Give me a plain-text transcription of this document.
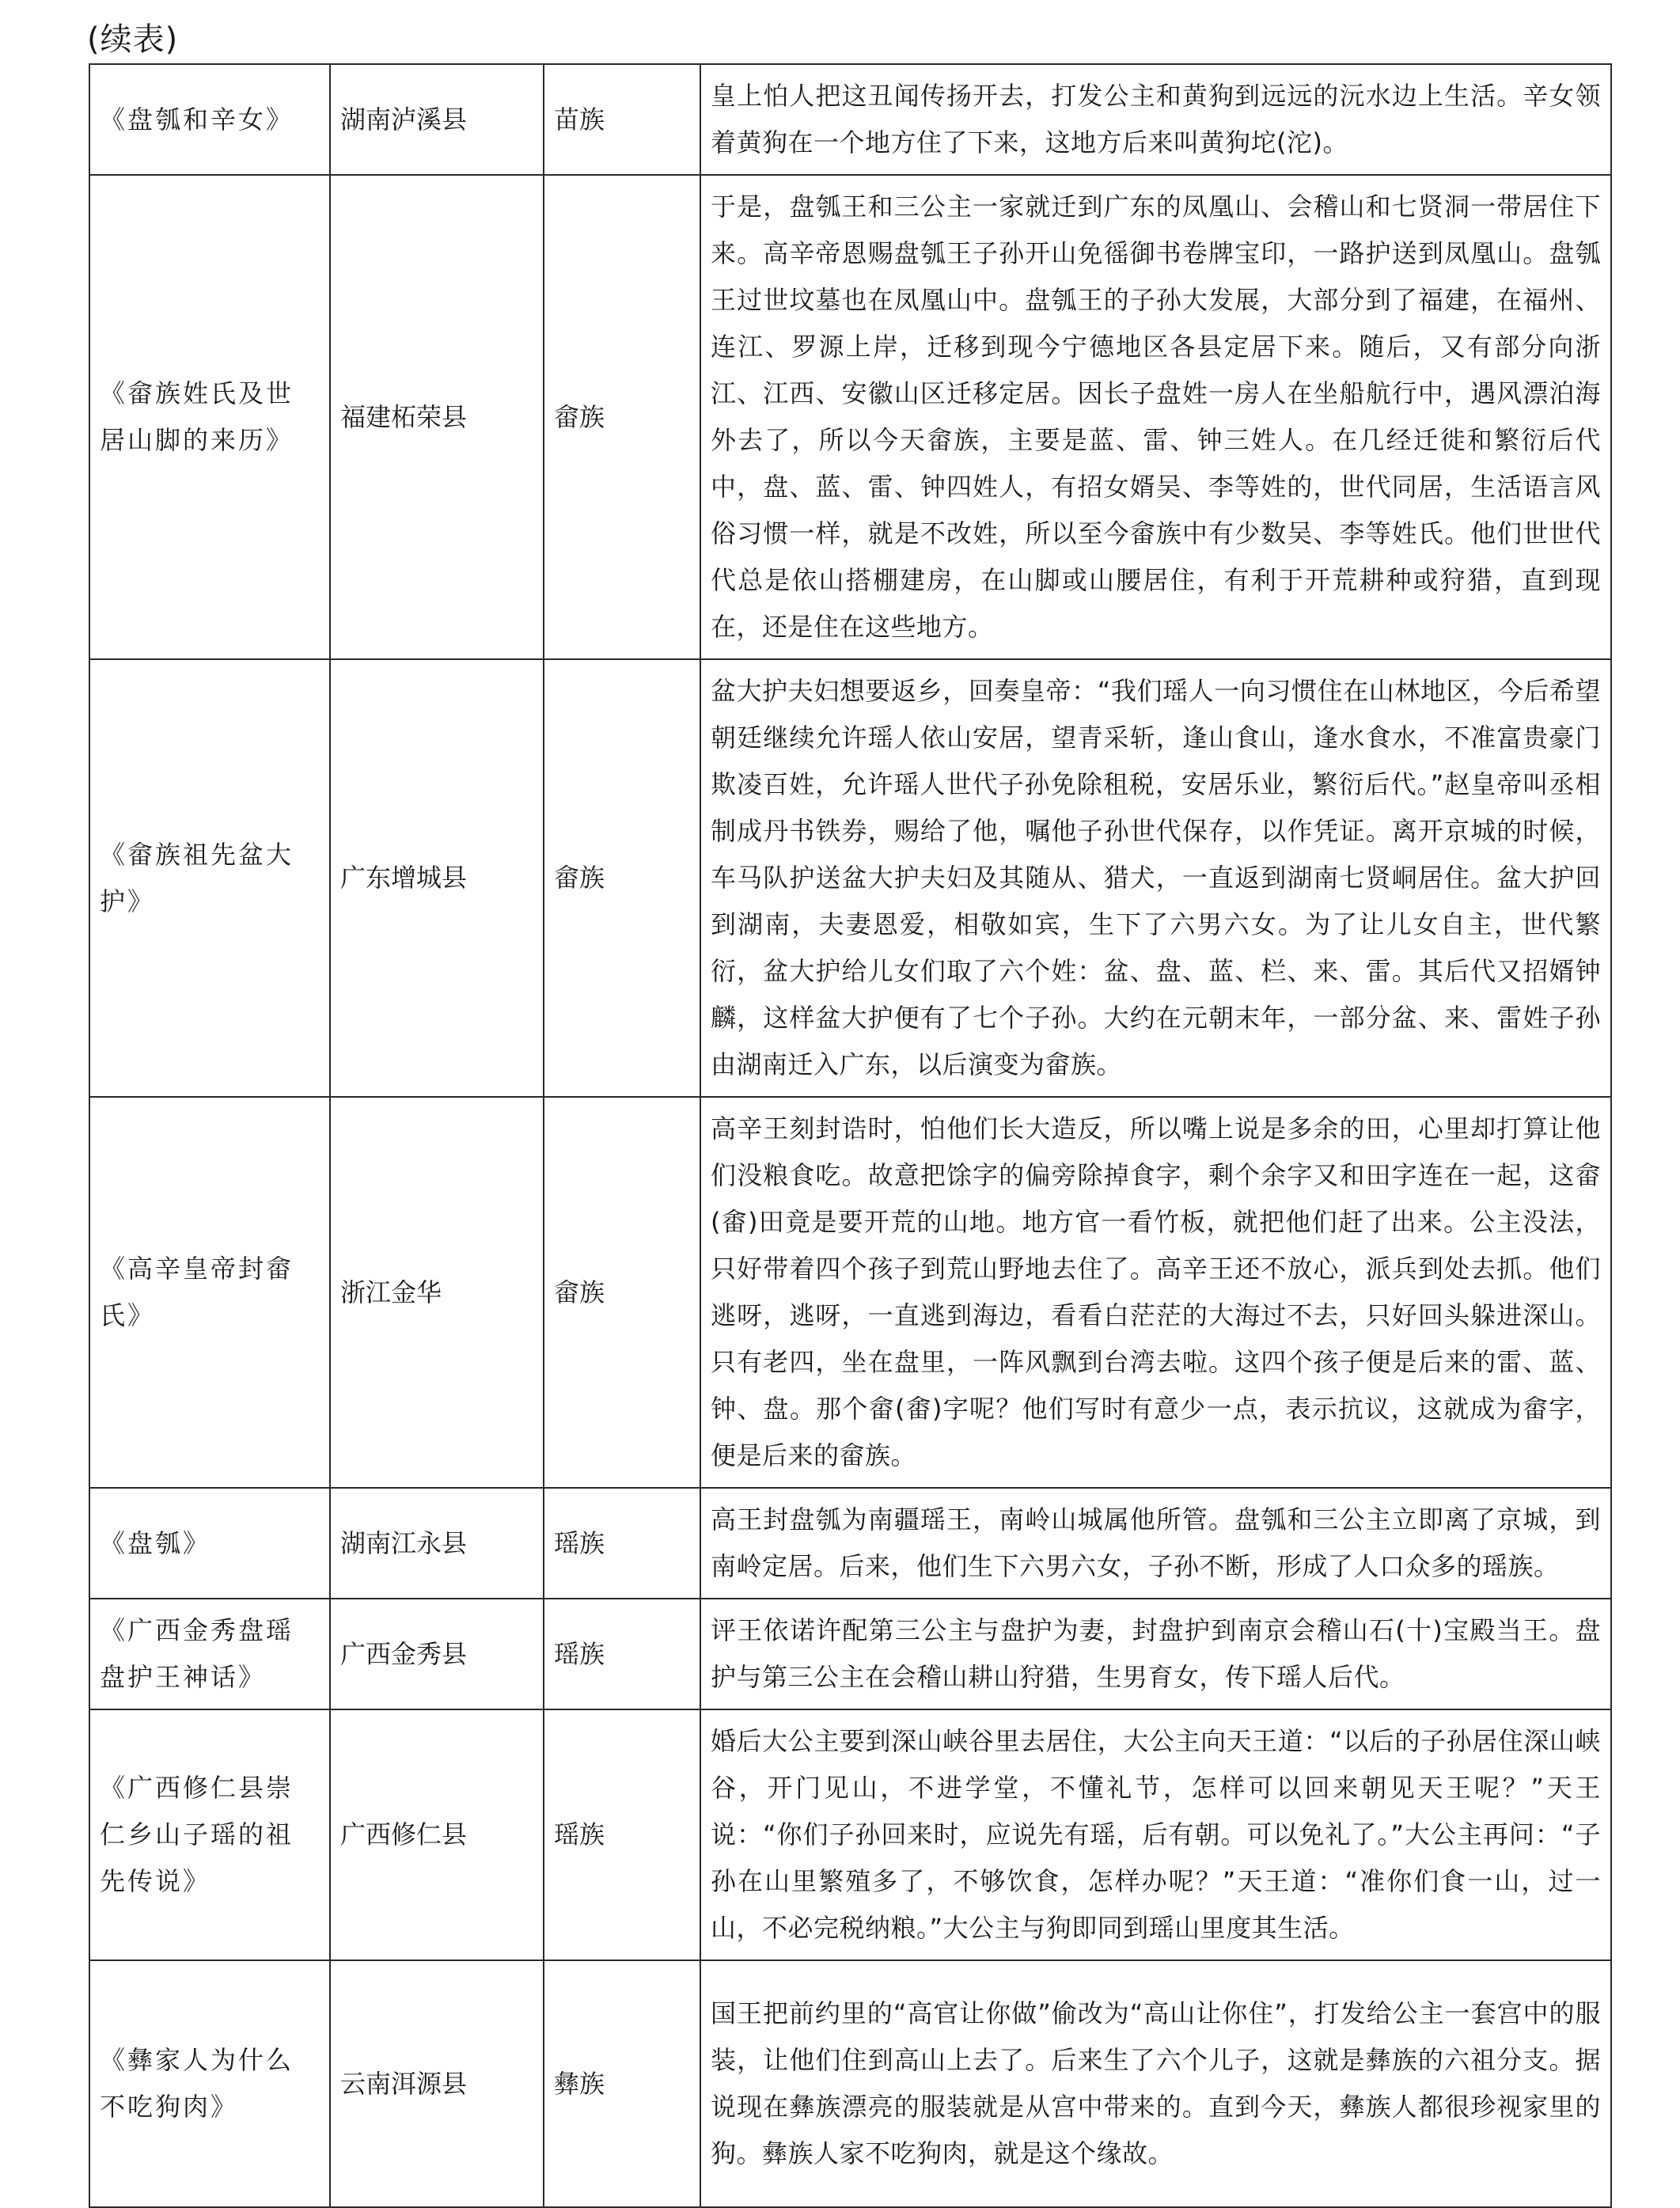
(续表)
《盘瓠和辛女》	湖南泸溪县	苗族	皇上怕人把这丑闻传扬开去，打发公主和黄狗到远远的沅水边上生活。辛女领着黄狗在一个地方住了下来，这地方后来叫黄狗坨(沱)。
《畲族姓氏及世居山脚的来历》	福建柘荣县	畲族	于是，盘瓠王和三公主一家就迁到广东的凤凰山、会稽山和七贤洞一带居住下来。高辛帝恩赐盘瓠王子孙开山免徭御书卷牌宝印，一路护送到凤凰山。盘瓠王过世坟墓也在凤凰山中。盘瓠王的子孙大发展，大部分到了福建，在福州、连江、罗源上岸，迁移到现今宁德地区各县定居下来。随后，又有部分向浙江、江西、安徽山区迁移定居。因长子盘姓一房人在坐船航行中，遇风漂泊海外去了，所以今天畲族，主要是蓝、雷、钟三姓人。在几经迁徙和繁衍后代中，盘、蓝、雷、钟四姓人，有招女婿吴、李等姓的，世代同居，生活语言风俗习惯一样，就是不改姓，所以至今畲族中有少数吴、李等姓氏。他们世世代代总是依山搭棚建房，在山脚或山腰居住，有利于开荒耕种或狩猎，直到现在，还是住在这些地方。
《畲族祖先盆大护》	广东增城县	畲族	盆大护夫妇想要返乡，回奏皇帝：“我们瑶人一向习惯住在山林地区，今后希望朝廷继续允许瑶人依山安居，望青采斩，逢山食山，逢水食水，不准富贵豪门欺凌百姓，允许瑶人世代子孙免除租税，安居乐业，繁衍后代。”赵皇帝叫丞相制成丹书铁券，赐给了他，嘱他子孙世代保存，以作凭证。离开京城的时候，车马队护送盆大护夫妇及其随从、猎犬，一直返到湖南七贤峒居住。盆大护回到湖南，夫妻恩爱，相敬如宾，生下了六男六女。为了让儿女自主，世代繁衍，盆大护给儿女们取了六个姓：盆、盘、蓝、栏、来、雷。其后代又招婿钟麟，这样盆大护便有了七个子孙。大约在元朝末年，一部分盆、来、雷姓子孙由湖南迁入广东，以后演变为畲族。
《高辛皇帝封畲氏》	浙江金华	畲族	高辛王刻封诰时，怕他们长大造反，所以嘴上说是多余的田，心里却打算让他们没粮食吃。故意把馀字的偏旁除掉食字，剩个余字又和田字连在一起，这畲(畬)田竟是要开荒的山地。地方官一看竹板，就把他们赶了出来。公主没法，只好带着四个孩子到荒山野地去住了。高辛王还不放心，派兵到处去抓。他们逃呀，逃呀，一直逃到海边，看看白茫茫的大海过不去，只好回头躲进深山。只有老四，坐在盘里，一阵风飘到台湾去啦。这四个孩子便是后来的雷、蓝、钟、盘。那个畲(畬)字呢？他们写时有意少一点，表示抗议，这就成为畲字，便是后来的畲族。
《盘瓠》	湖南江永县	瑶族	高王封盘瓠为南疆瑶王，南岭山城属他所管。盘瓠和三公主立即离了京城，到南岭定居。后来，他们生下六男六女，子孙不断，形成了人口众多的瑶族。
《广西金秀盘瑶盘护王神话》	广西金秀县	瑶族	评王依诺许配第三公主与盘护为妻，封盘护到南京会稽山石(十)宝殿当王。盘护与第三公主在会稽山耕山狩猎，生男育女，传下瑶人后代。
《广西修仁县崇仁乡山子瑶的祖先传说》	广西修仁县	瑶族	婚后大公主要到深山峡谷里去居住，大公主向天王道：“以后的子孙居住深山峡谷，开门见山，不进学堂，不懂礼节，怎样可以回来朝见天王呢？”天王说：“你们子孙回来时，应说先有瑶，后有朝。可以免礼了。”大公主再问：“子孙在山里繁殖多了，不够饮食，怎样办呢？”天王道：“准你们食一山，过一山，不必完税纳粮。”大公主与狗即同到瑶山里度其生活。
《彝家人为什么不吃狗肉》	云南洱源县	彝族	国王把前约里的“高官让你做”偷改为“高山让你住”，打发给公主一套宫中的服装，让他们住到高山上去了。后来生了六个儿子，这就是彝族的六祖分支。据说现在彝族漂亮的服装就是从宫中带来的。直到今天，彝族人都很珍视家里的狗。彝族人家不吃狗肉，就是这个缘故。
